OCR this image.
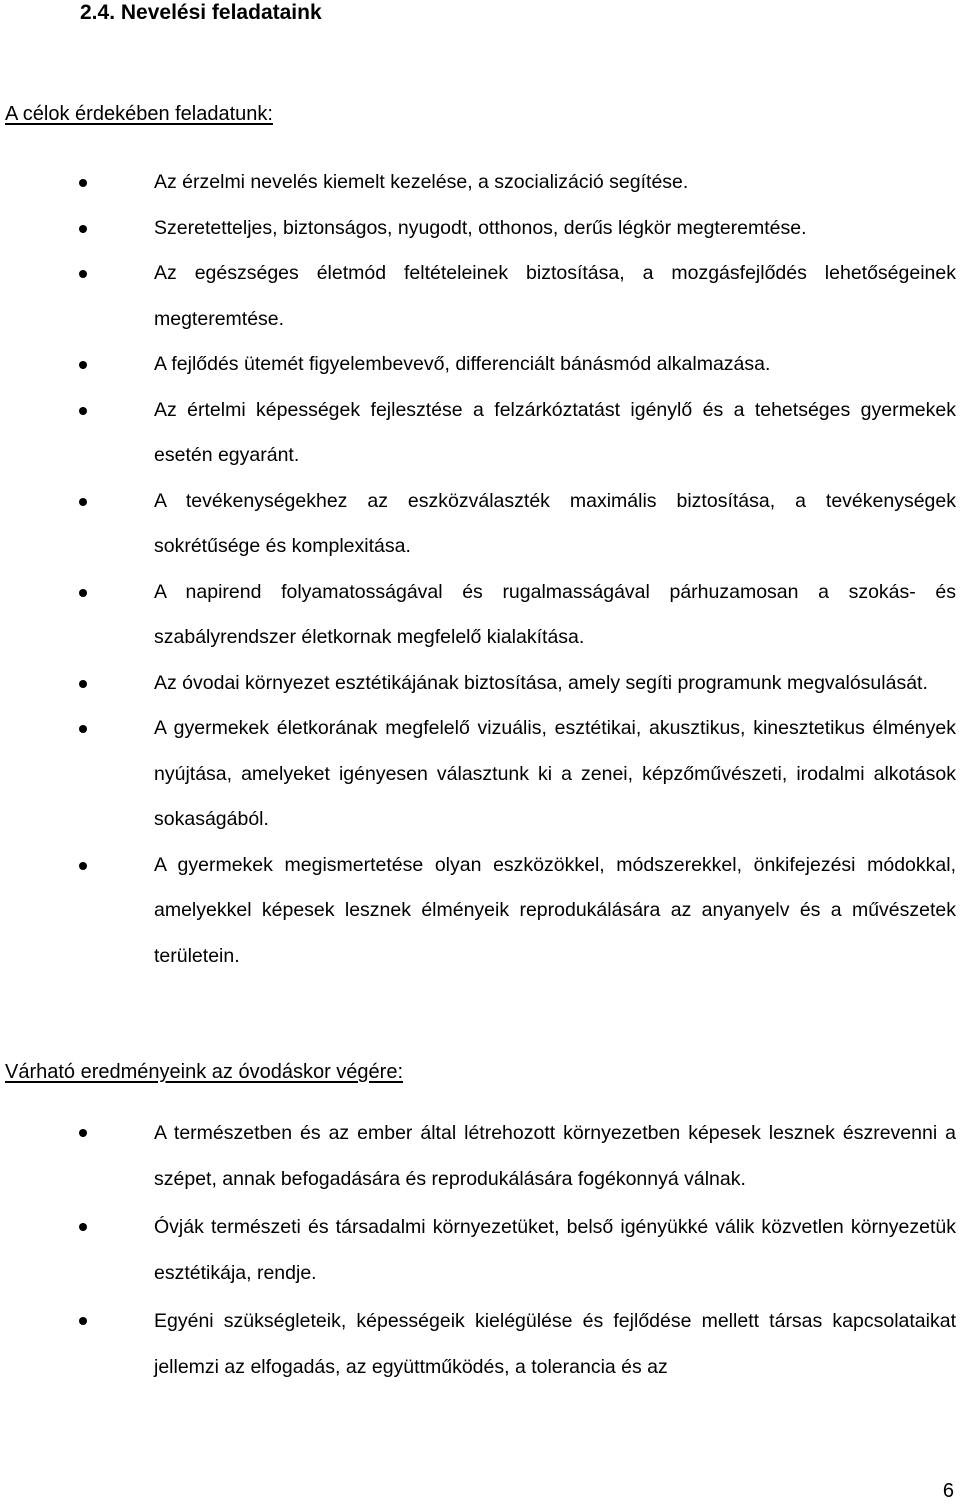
2.4. Nevelési feladataink

A célok érdekében feladatunk:

Az érzelmi nevelés kiemelt kezelése, a szocializáció segítése.
Szeretetteljes, biztonságos, nyugodt, otthonos, derűs légkör megteremtése.
Az egészséges életmód feltételeinek biztosítása, a mozgásfejlődés lehetőségeinek megteremtése.
A fejlődés ütemét figyelembevevő, differenciált bánásmód alkalmazása.
Az értelmi képességek fejlesztése a felzárkóztatást igénylő és a tehetséges gyermekek esetén egyaránt.
A tevékenységekhez az eszközválaszték maximális biztosítása, a tevékenységek sokrétűsége és komplexitása.
A napirend folyamatosságával és rugalmasságával párhuzamosan a szokás- és szabályrendszer életkornak megfelelő kialakítása.
Az óvodai környezet esztétikájának biztosítása, amely segíti programunk megvalósulását.
A gyermekek életkorának megfelelő vizuális, esztétikai, akusztikus, kinesztetikus élmények nyújtása, amelyeket igényesen választunk ki a zenei, képzőművészeti, irodalmi alkotások sokaságából.
A gyermekek megismertetése olyan eszközökkel, módszerekkel, önkifejezési módokkal, amelyekkel képesek lesznek élményeik reprodukálására az anyanyelv és a művészetek területein.

Várható eredményeink az óvodáskor végére:

A természetben és az ember által létrehozott környezetben képesek lesznek észrevenni a szépet, annak befogadására és reprodukálására fogékonnyá válnak.
Óvják természeti és társadalmi környezetüket, belső igényükké válik közvetlen környezetük esztétikája, rendje.
Egyéni szükségleteik, képességeik kielégülése és fejlődése mellett társas kapcsolataikat jellemzi az elfogadás, az együttműködés, a tolerancia és az
6
